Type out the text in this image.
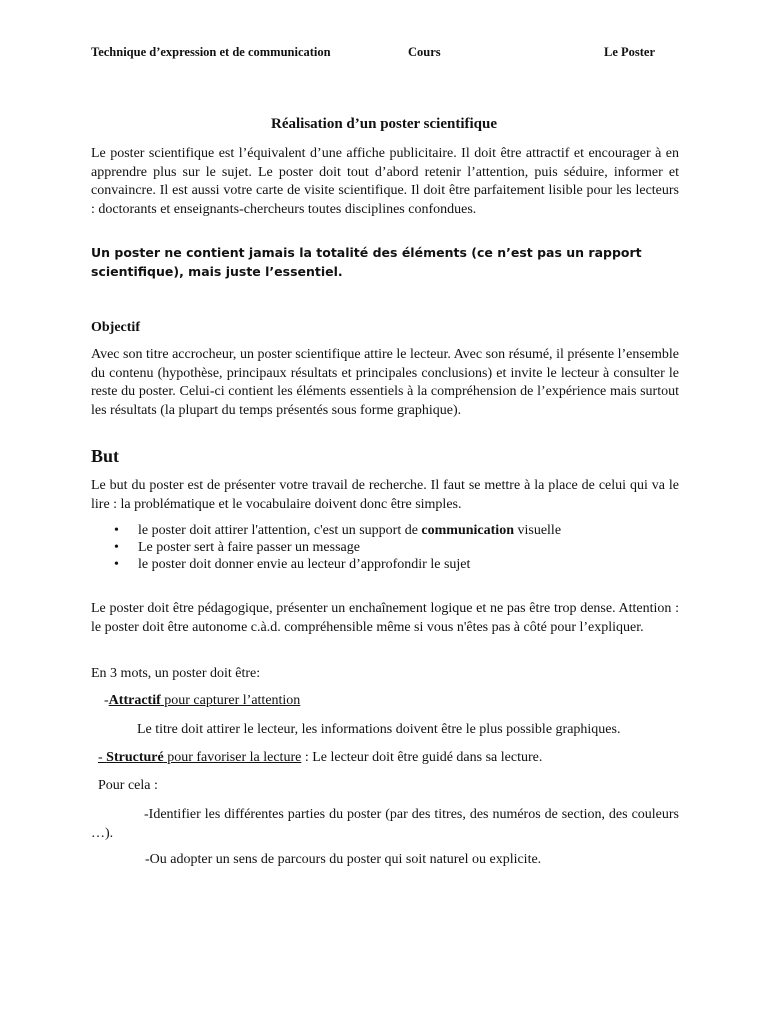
Technique d’expression et de communication	Cours	Le Poster
Réalisation d’un poster scientifique

Le poster scientifique est l’équivalent d’une affiche publicitaire. Il doit être attractif et encourager à en apprendre plus sur le sujet. Le poster doit tout d’abord retenir l’attention, puis séduire, informer et convaincre. Il est aussi votre carte de visite scientifique. Il doit être parfaitement lisible pour les lecteurs : doctorants et enseignants-chercheurs toutes disciplines confondues.

Un poster ne contient jamais la totalité des éléments (ce n’est pas un rapport scientifique), mais juste l’essentiel.

Objectif

Avec son titre accrocheur, un poster scientifique attire le lecteur. Avec son résumé, il présente l’ensemble du contenu (hypothèse, principaux résultats et principales conclusions) et invite le lecteur à consulter le reste du poster. Celui-ci contient les éléments essentiels à la compréhension de l’expérience mais surtout les résultats (la plupart du temps présentés sous forme graphique).

But

Le but du poster est de présenter votre travail de recherche. Il faut se mettre à la place de celui qui va le lire : la problématique et le vocabulaire doivent donc être simples.

• le poster doit attirer l'attention, c'est un support de communication visuelle
• Le poster sert à faire passer un message
• le poster doit donner envie au lecteur d’approfondir le sujet

Le poster doit être pédagogique, présenter un enchaînement logique et ne pas être trop dense. Attention : le poster doit être autonome c.à.d. compréhensible même si vous n'êtes pas à côté pour l’expliquer.

En 3 mots, un poster doit être:
-Attractif pour capturer l’attention
Le titre doit attirer le lecteur, les informations doivent être le plus possible graphiques.
- Structuré pour favoriser la lecture : Le lecteur doit être guidé dans sa lecture.
Pour cela :

-Identifier les différentes parties du poster (par des titres, des numéros de section, des couleurs …).

-Ou adopter un sens de parcours du poster qui soit naturel ou explicite.
